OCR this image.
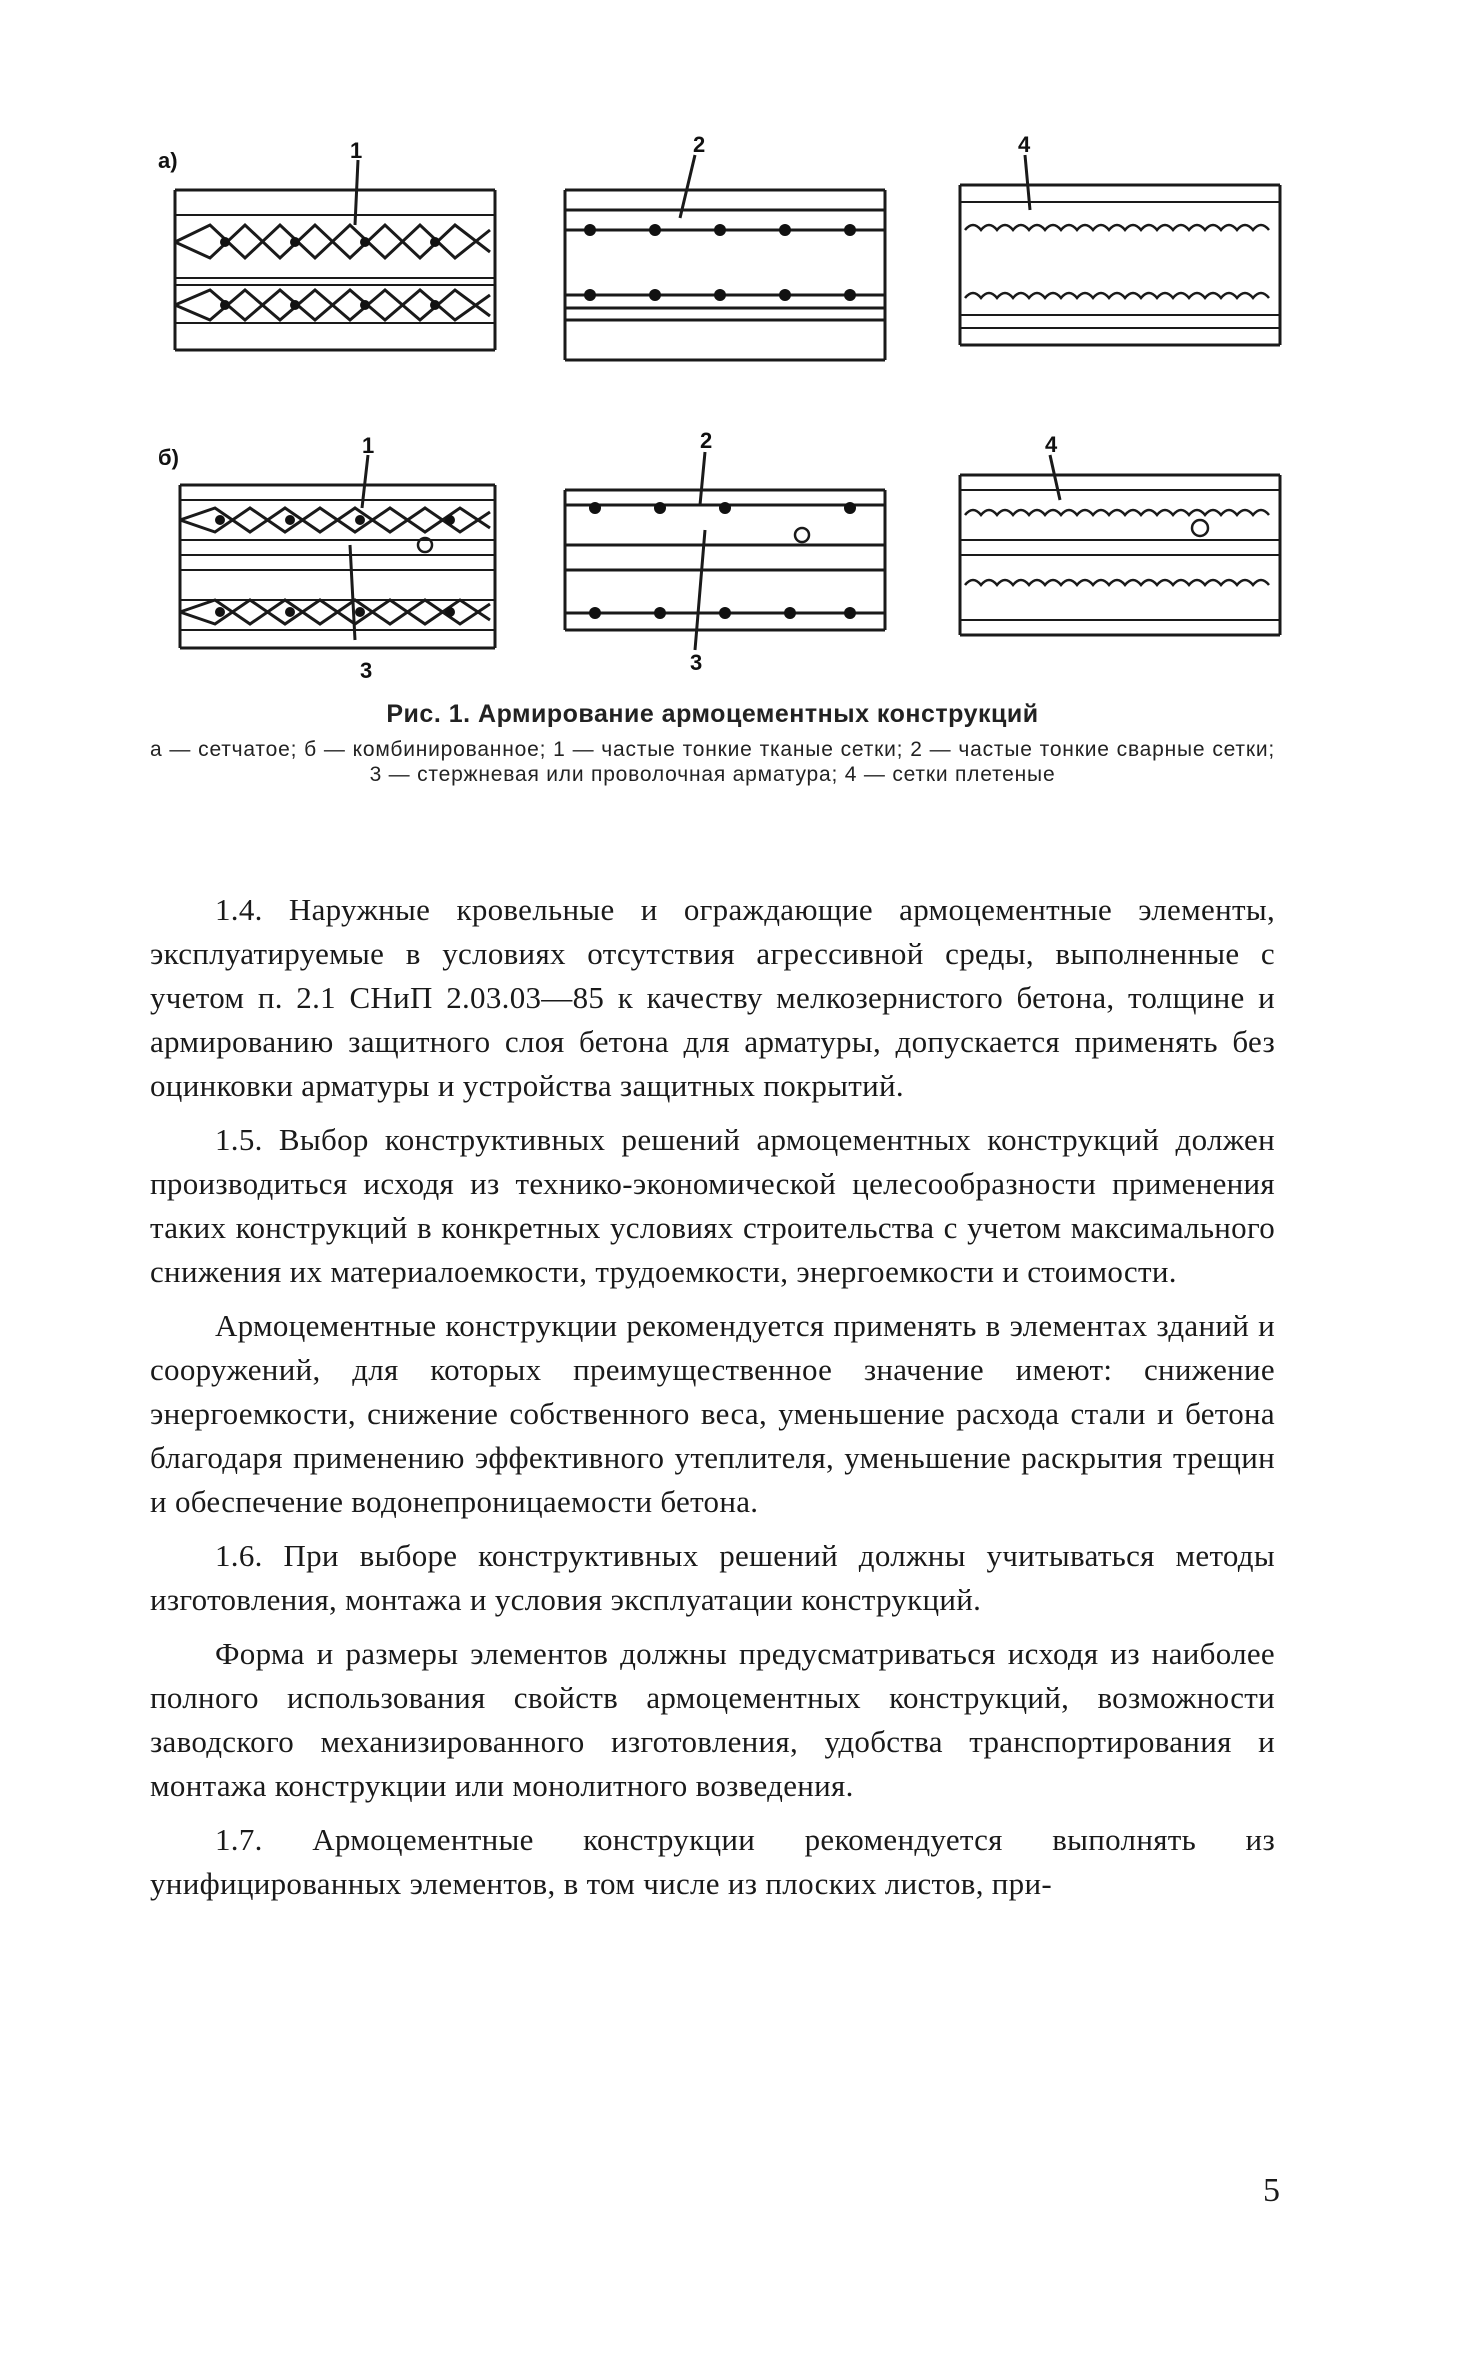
а)
б)
1	2	4
1	2	4
3	3
Рис. 1. Армирование армоцементных конструкций
а — сетчатое; б — комбинированное; 1 — частые тонкие тканые сетки; 2 — частые тонкие сварные сетки; 3 — стержневая или проволочная арматура; 4 — сетки плетеные

1.4. Наружные кровельные и ограждающие армоцементные элементы, эксплуатируемые в условиях отсутствия агрессивной среды, выполненные с учетом п. 2.1 СНиП 2.03.03—85 к качеству мелкозернистого бетона, толщине и армированию защитного слоя бетона для арматуры, допускается применять без оцинковки арматуры и устройства защитных покрытий.

1.5. Выбор конструктивных решений армоцементных конструкций должен производиться исходя из технико-экономической целесообразности применения таких конструкций в конкретных условиях строительства с учетом максимального снижения их материалоемкости, трудоемкости, энергоемкости и стоимости.

Армоцементные конструкции рекомендуется применять в элементах зданий и сооружений, для которых преимущественное значение имеют: снижение энергоемкости, снижение собственного веса, уменьшение расхода стали и бетона благодаря применению эффективного утеплителя, уменьшение раскрытия трещин и обеспечение водонепроницаемости бетона.

1.6. При выборе конструктивных решений должны учитываться методы изготовления, монтажа и условия эксплуатации конструкций.

Форма и размеры элементов должны предусматриваться исходя из наиболее полного использования свойств армоцементных конструкций, возможности заводского механизированного изготовления, удобства транспортирования и монтажа конструкции или монолитного возведения.

1.7. Армоцементные конструкции рекомендуется выполнять из унифицированных элементов, в том числе из плоских листов, при-

5
